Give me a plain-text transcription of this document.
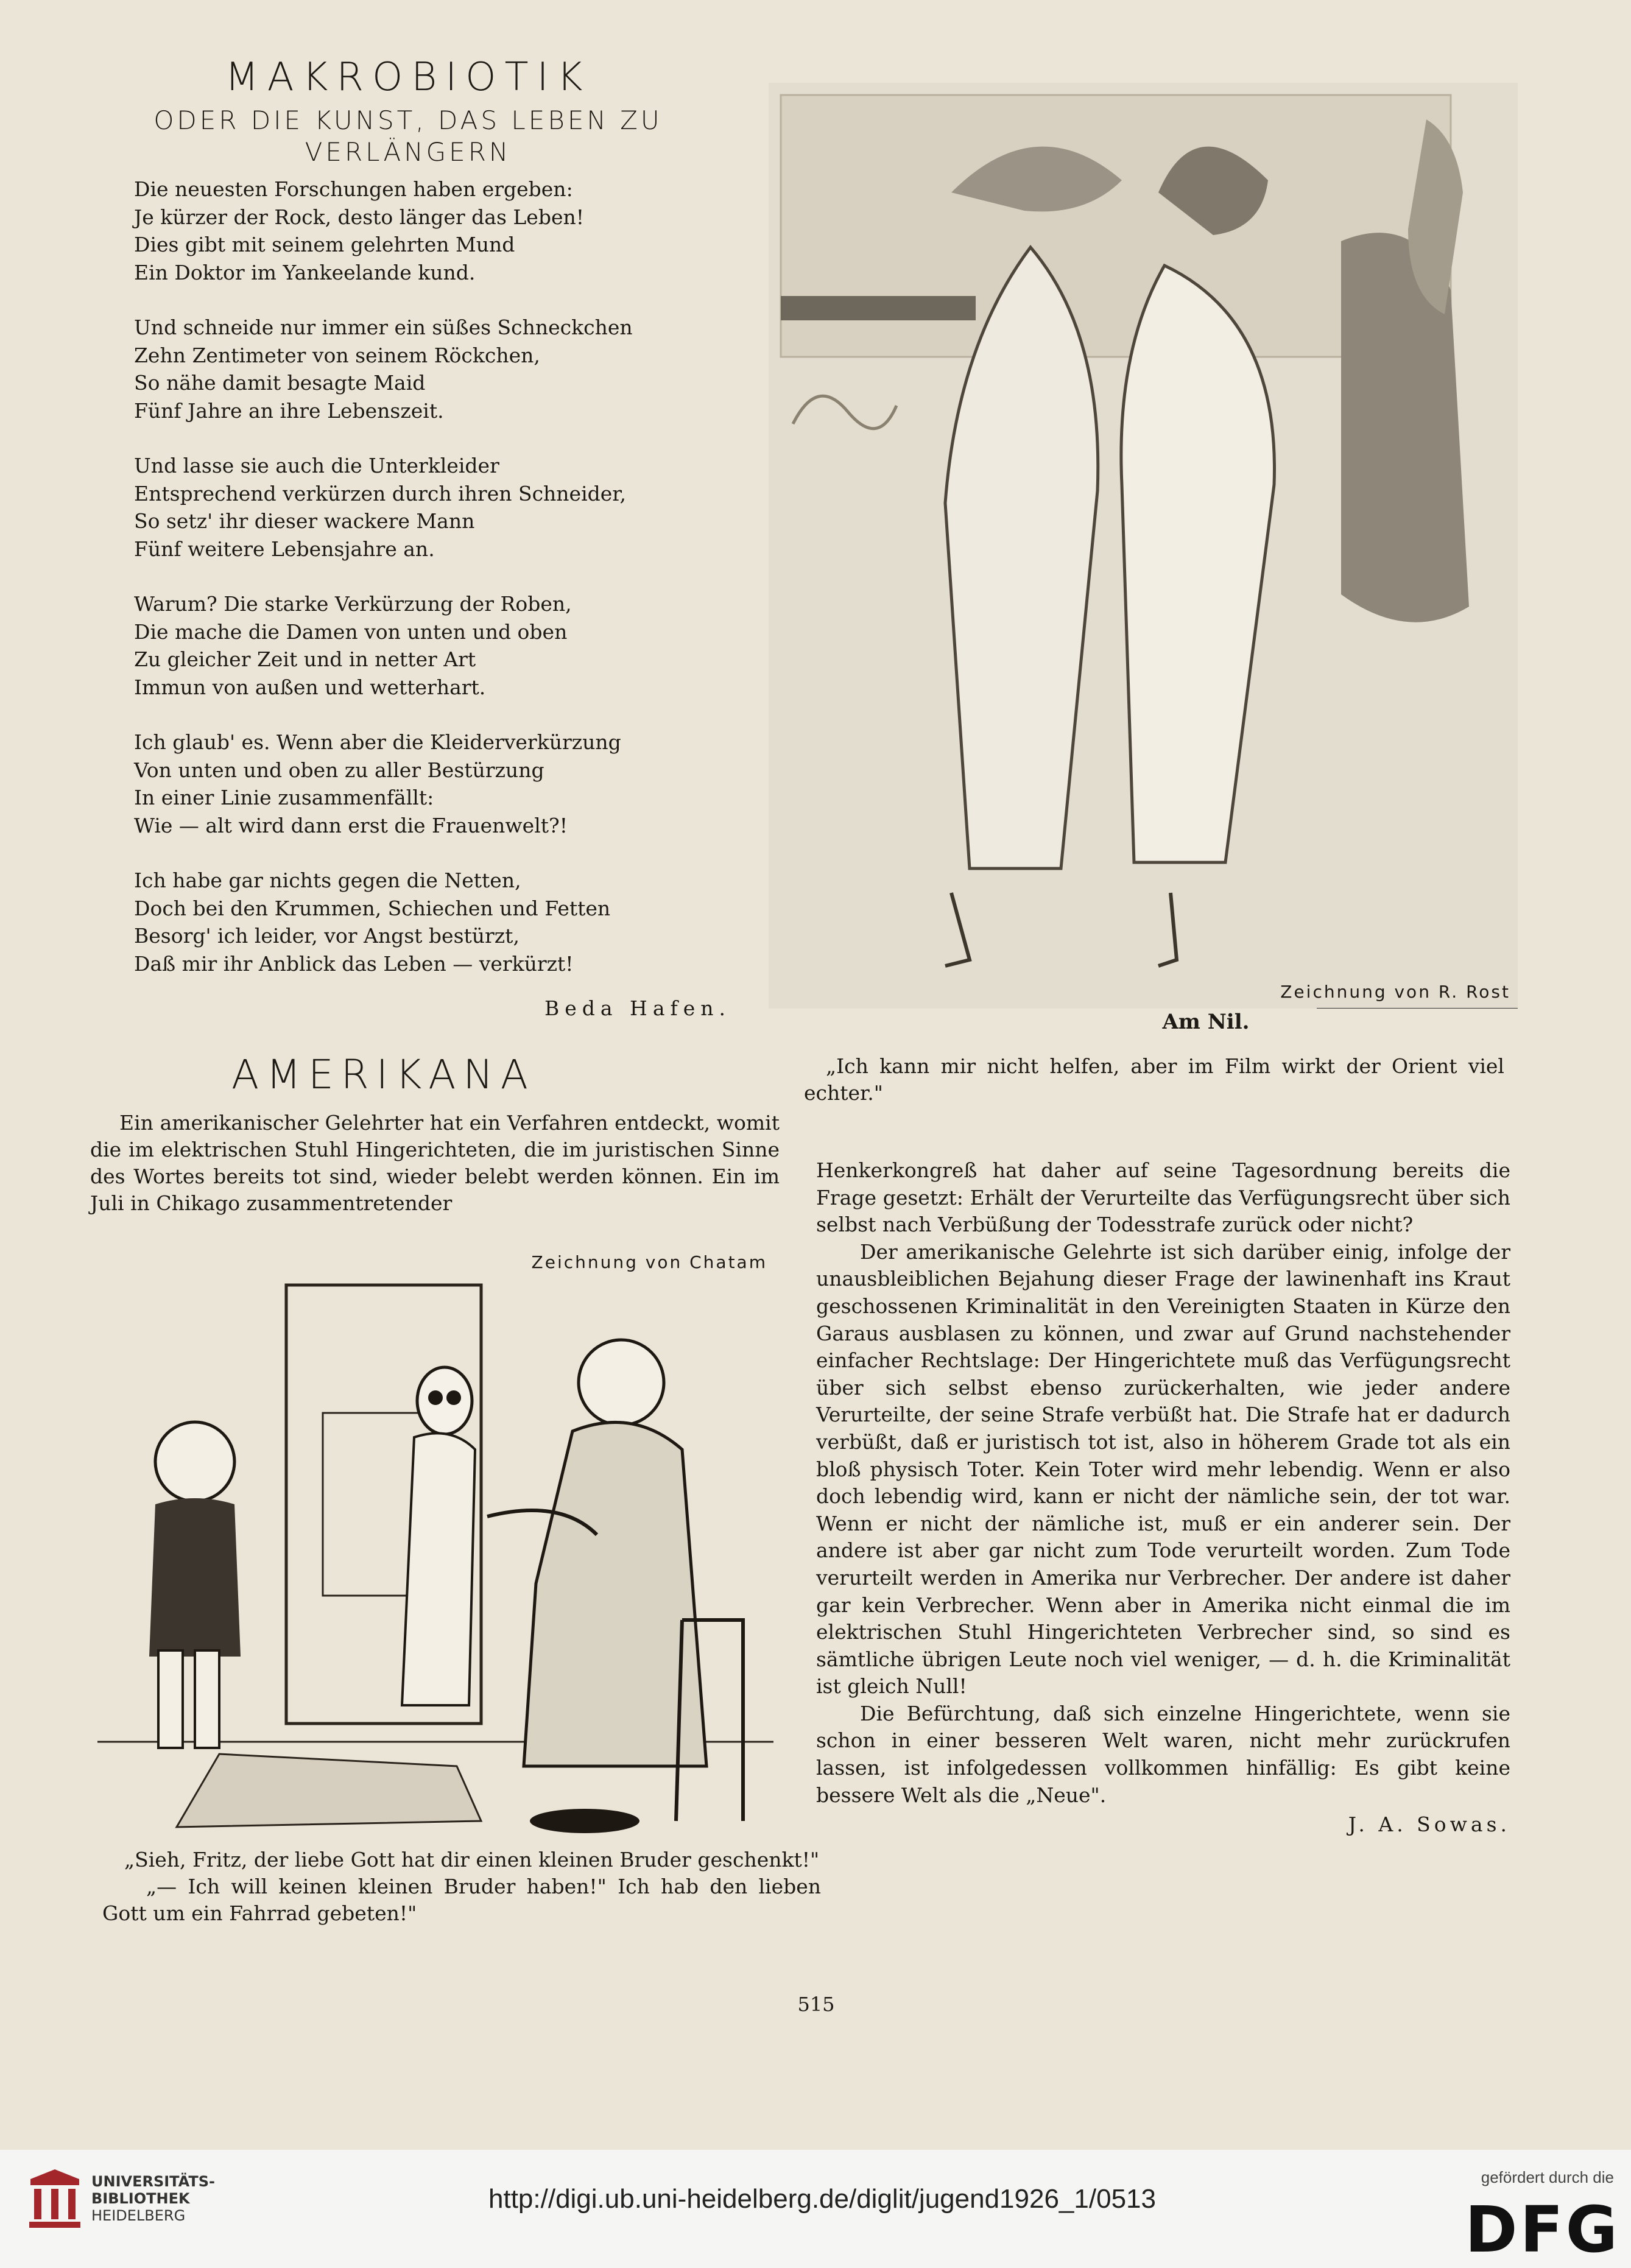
MAKROBIOTIK
ODER DIE KUNST, DAS LEBEN ZU
VERLÄNGERN
Die neuesten Forschungen haben ergeben:
Je kürzer der Rock, desto länger das Leben!
Dies gibt mit seinem gelehrten Mund
Ein Doktor im Yankeelande kund.
Und schneide nur immer ein süßes Schneckchen
Zehn Zentimeter von seinem Röckchen,
So nähe damit besagte Maid
Fünf Jahre an ihre Lebenszeit.
Und lasse sie auch die Unterkleider
Entsprechend verkürzen durch ihren Schneider,
So setz' ihr dieser wackere Mann
Fünf weitere Lebensjahre an.
Warum? Die starke Verkürzung der Roben,
Die mache die Damen von unten und oben
Zu gleicher Zeit und in netter Art
Immun von außen und wetterhart.
Ich glaub' es. Wenn aber die Kleiderverkürzung
Von unten und oben zu aller Bestürzung
In einer Linie zusammenfällt:
Wie — alt wird dann erst die Frauenwelt?!
Ich habe gar nichts gegen die Netten,
Doch bei den Krummen, Schiechen und Fetten
Besorg' ich leider, vor Angst bestürzt,
Daß mir ihr Anblick das Leben — verkürzt!
Beda Hafen.
Zeichnung von R. Rost
Am Nil.

„Ich kann mir nicht helfen, aber im Film wirkt der Orient viel echter."

AMERIKANA

Ein amerikanischer Gelehrter hat ein Verfahren entdeckt, womit die im elektrischen Stuhl Hingerichteten, die im juristischen Sinne des Wortes bereits tot sind, wieder belebt werden können. Ein im Juli in Chikago zusammentretender

Zeichnung von Chatam

„Sieh, Fritz, der liebe Gott hat dir einen kleinen Bruder geschenkt!"

„— Ich will keinen kleinen Bruder haben!" Ich hab den lieben Gott um ein Fahrrad gebeten!"

Henkerkongreß hat daher auf seine Tagesordnung bereits die Frage gesetzt: Erhält der Verurteilte das Verfügungsrecht über sich selbst nach Verbüßung der Todesstrafe zurück oder nicht?

Der amerikanische Gelehrte ist sich darüber einig, infolge der unausbleiblichen Bejahung dieser Frage der lawinenhaft ins Kraut geschossenen Kriminalität in den Vereinigten Staaten in Kürze den Garaus ausblasen zu können, und zwar auf Grund nachstehender einfacher Rechtslage: Der Hingerichtete muß das Verfügungsrecht über sich selbst ebenso zurückerhalten, wie jeder andere Verurteilte, der seine Strafe verbüßt hat. Die Strafe hat er dadurch verbüßt, daß er juristisch tot ist, also in höherem Grade tot als ein bloß physisch Toter. Kein Toter wird mehr lebendig. Wenn er also doch lebendig wird, kann er nicht der nämliche sein, der tot war. Wenn er nicht der nämliche ist, muß er ein anderer sein. Der andere ist aber gar nicht zum Tode verurteilt worden. Zum Tode verurteilt werden in Amerika nur Verbrecher. Der andere ist daher gar kein Verbrecher. Wenn aber in Amerika nicht einmal die im elektrischen Stuhl Hingerichteten Verbrecher sind, so sind es sämtliche übrigen Leute noch viel weniger, — d. h. die Kriminalität ist gleich Null!

Die Befürchtung, daß sich einzelne Hingerichtete, wenn sie schon in einer besseren Welt waren, nicht mehr zurückrufen lassen, ist infolgedessen vollkommen hinfällig: Es gibt keine bessere Welt als die „Neue".

J. A. Sowas.

515
UNIVERSITÄTS-
BIBLIOTHEK
HEIDELBERG
http://digi.ub.uni-heidelberg.de/diglit/jugend1926_1/0513
gefördert durch die
DFG
